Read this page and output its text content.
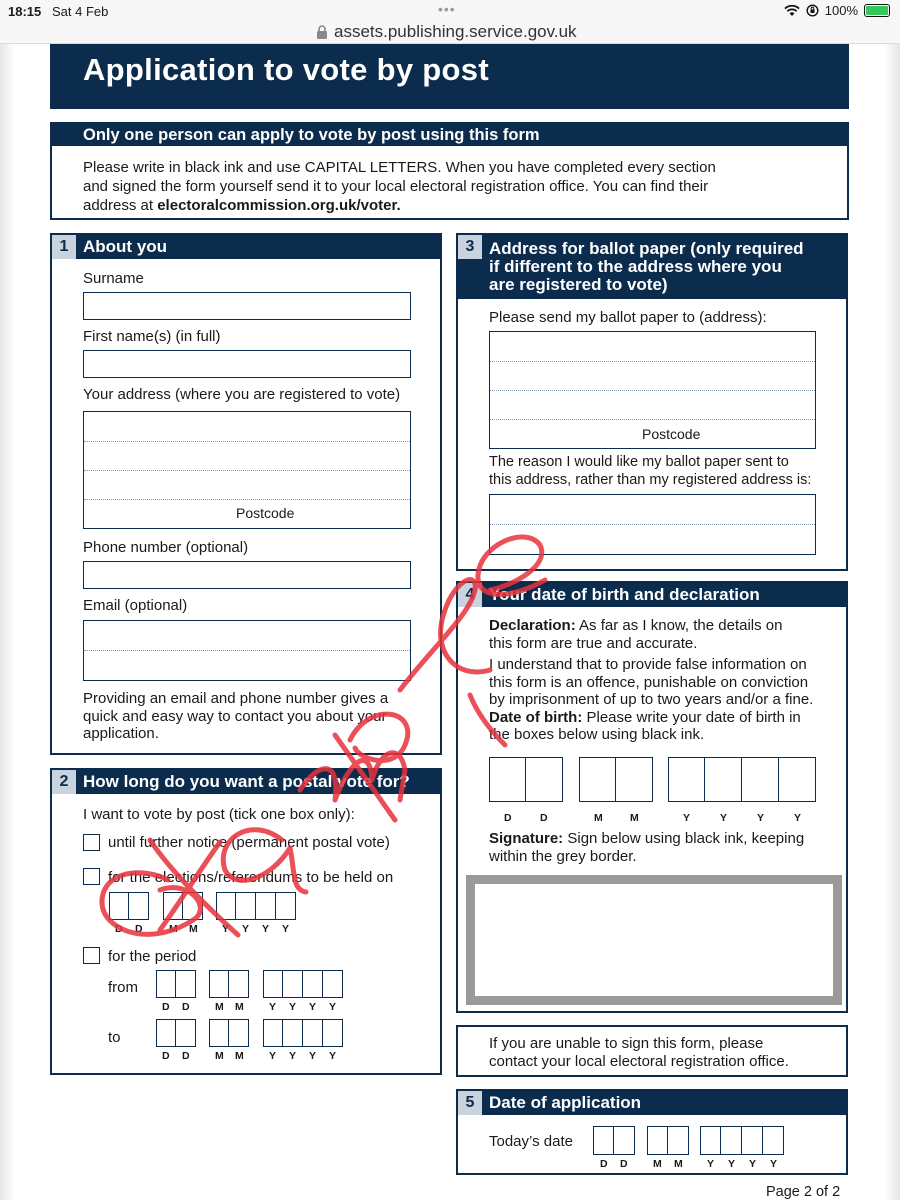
18:15 Sat 4 Feb	•••	100%
assets.publishing.service.gov.uk
Application to vote by post
Only one person can apply to vote by post using this form
Please write in black ink and use CAPITAL LETTERS. When you have completed every section
and signed the form yourself send it to your local electoral registration office. You can find their
address at electoralcommission.org.uk/voter.
1 About you
Surname
First name(s) (in full)
Your address (where you are registered to vote)
Postcode
Phone number (optional)
Email (optional)
Providing an email and phone number gives a
quick and easy way to contact you about your
application.
2 How long do you want a postal vote for?
I want to vote by post (tick one box only):
until further notice (permanent postal vote)
for the elections/referendums to be held on
D D	M M Y Y Y Y
for the period
from
D D M M Y Y Y Y
to
D D M M Y Y Y Y
3 Address for ballot paper (only required
if different to the address where you
are registered to vote)
Please send my ballot paper to (address):
Postcode
The reason I would like my ballot paper sent to
this address, rather than my registered address is:
4 Your date of birth and declaration
Declaration: As far as I know, the details on
this form are true and accurate.
I understand that to provide false information on
this form is an offence, punishable on conviction
by imprisonment of up to two years and/or a fine.
Date of birth: Please write your date of birth in
the boxes below using black ink.
D	D	M	M	Y	Y	Y	Y
Signature: Sign below using black ink, keeping
within the grey border.
If you are unable to sign this form, please
contact your local electoral registration office.
5 Date of application
Today’s date
D D M M Y Y Y Y
Page 2 of 2
